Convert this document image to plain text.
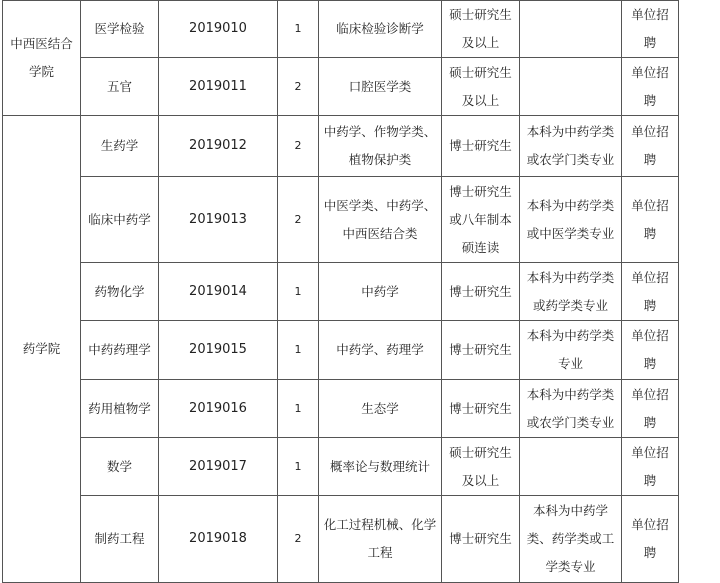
中西医结合学院	医学检验	2019010	1	临床检验诊断学	硕士研究生及以上		单位招聘
	五官	2019011	2	口腔医学类	硕士研究生及以上		单位招聘
药学院	生药学	2019012	2	中药学、作物学类、植物保护类	博士研究生	本科为中药学类或农学门类专业	单位招聘
	临床中药学	2019013	2	中医学类、中药学、中西医结合类	博士研究生或八年制本硕连读	本科为中药学类或中医学类专业	单位招聘
	药物化学	2019014	1	中药学	博士研究生	本科为中药学类或药学类专业	单位招聘
	中药药理学	2019015	1	中药学、药理学	博士研究生	本科为中药学类专业	单位招聘
	药用植物学	2019016	1	生态学	博士研究生	本科为中药学类或农学门类专业	单位招聘
	数学	2019017	1	概率论与数理统计	硕士研究生及以上		单位招聘
	制药工程	2019018	2	化工过程机械、化学工程	博士研究生	本科为中药学类、药学类或工学类专业	单位招聘
